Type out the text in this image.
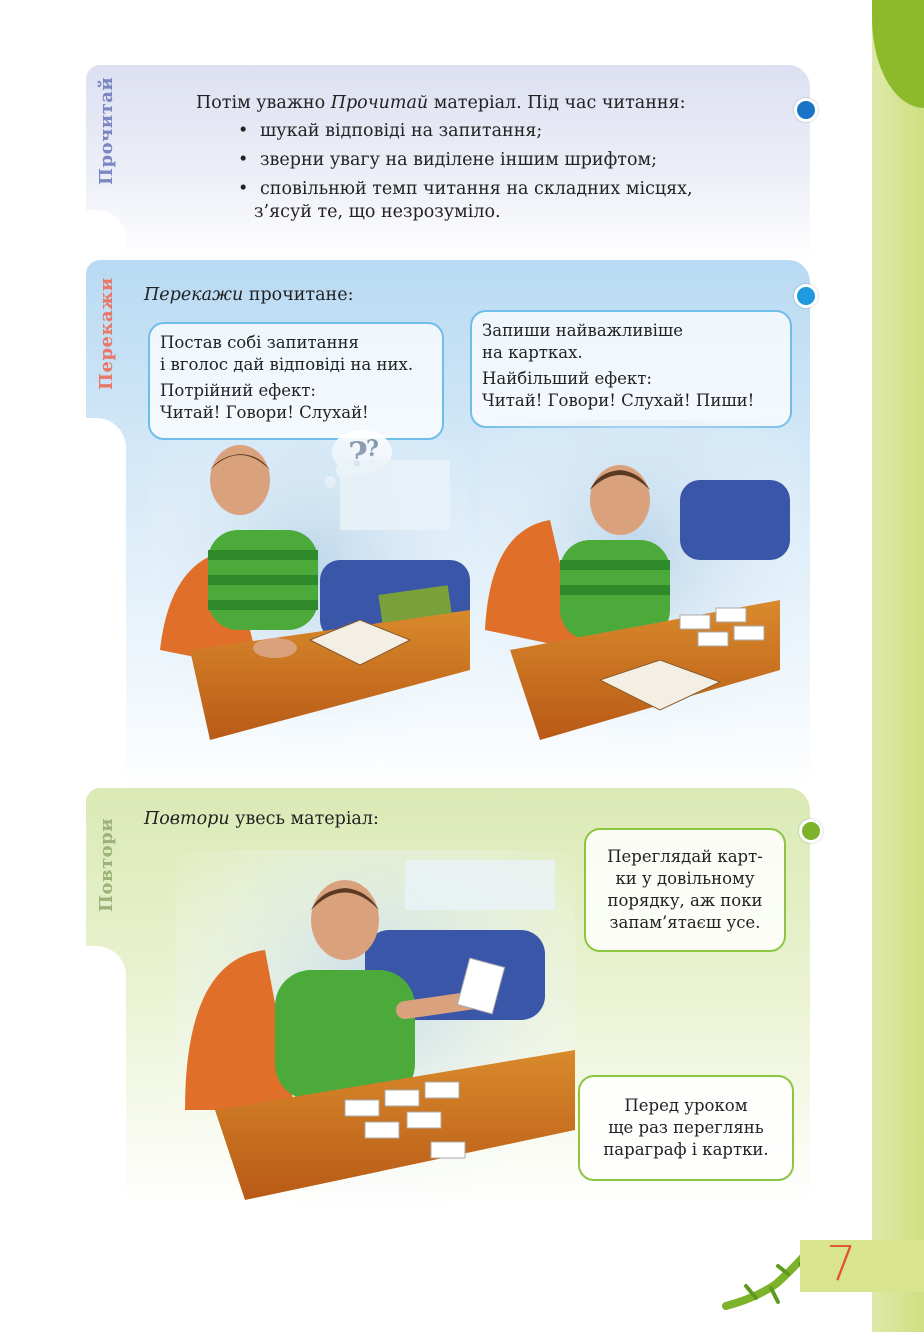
Прочитай	Потім уважно Прочитай матеріал. Під час читання:
• шукай відповіді на запитання;
• зверни увагу на виділене іншим шрифтом;
• сповільнюй темп читання на складних місцях,
з’ясуй те, що незрозуміло.
Перекажи Перекажи прочитане:
Постав собі запитання
і вголос дай відповіді на них.
Потрійний ефект:
Читай! Говори! Слухай!
Запиши найважливіше
на картках.
Найбільший ефект:
Читай! Говори! Слухай! Пиши!
Повтори Повтори увесь матеріал:
Переглядай карт-
ки у довільному
порядку, аж поки
запам’ятаєш усе.
Перед уроком
ще раз переглянь
параграф і картки.
7
